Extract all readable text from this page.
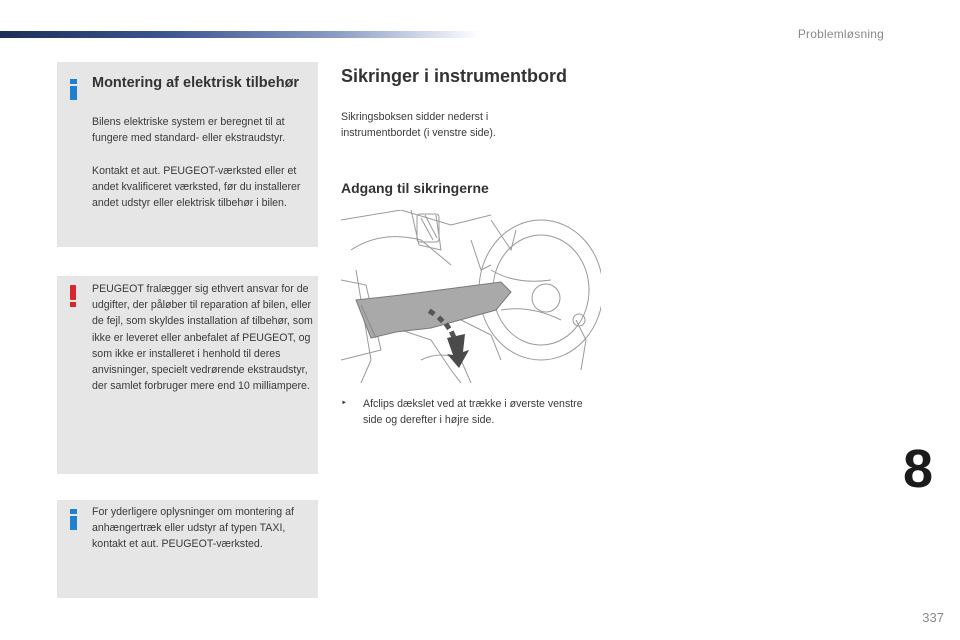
Problemløsning
Montering af elektrisk tilbehør
Bilens elektriske system er beregnet til at fungere med standard- eller ekstraudstyr.
Kontakt et aut. PEUGEOT-værksted eller et andet kvalificeret værksted, før du installerer andet udstyr eller elektrisk tilbehør i bilen.
PEUGEOT fralægger sig ethvert ansvar for de udgifter, der påløber til reparation af bilen, eller de fejl, som skyldes installation af tilbehør, som ikke er leveret eller anbefalet af PEUGEOT, og som ikke er installeret i henhold til deres anvisninger, specielt vedrørende ekstraudstyr, der samlet forbruger mere end 10 milliampere.
For yderligere oplysninger om montering af anhængertræk eller udstyr af typen TAXI, kontakt et aut. PEUGEOT-værksted.
Sikringer i instrumentbord
Sikringsboksen sidder nederst i instrumentbordet (i venstre side).
Adgang til sikringerne
‣	Afclips dækslet ved at trække i øverste venstre side og derefter i højre side.
8
337
